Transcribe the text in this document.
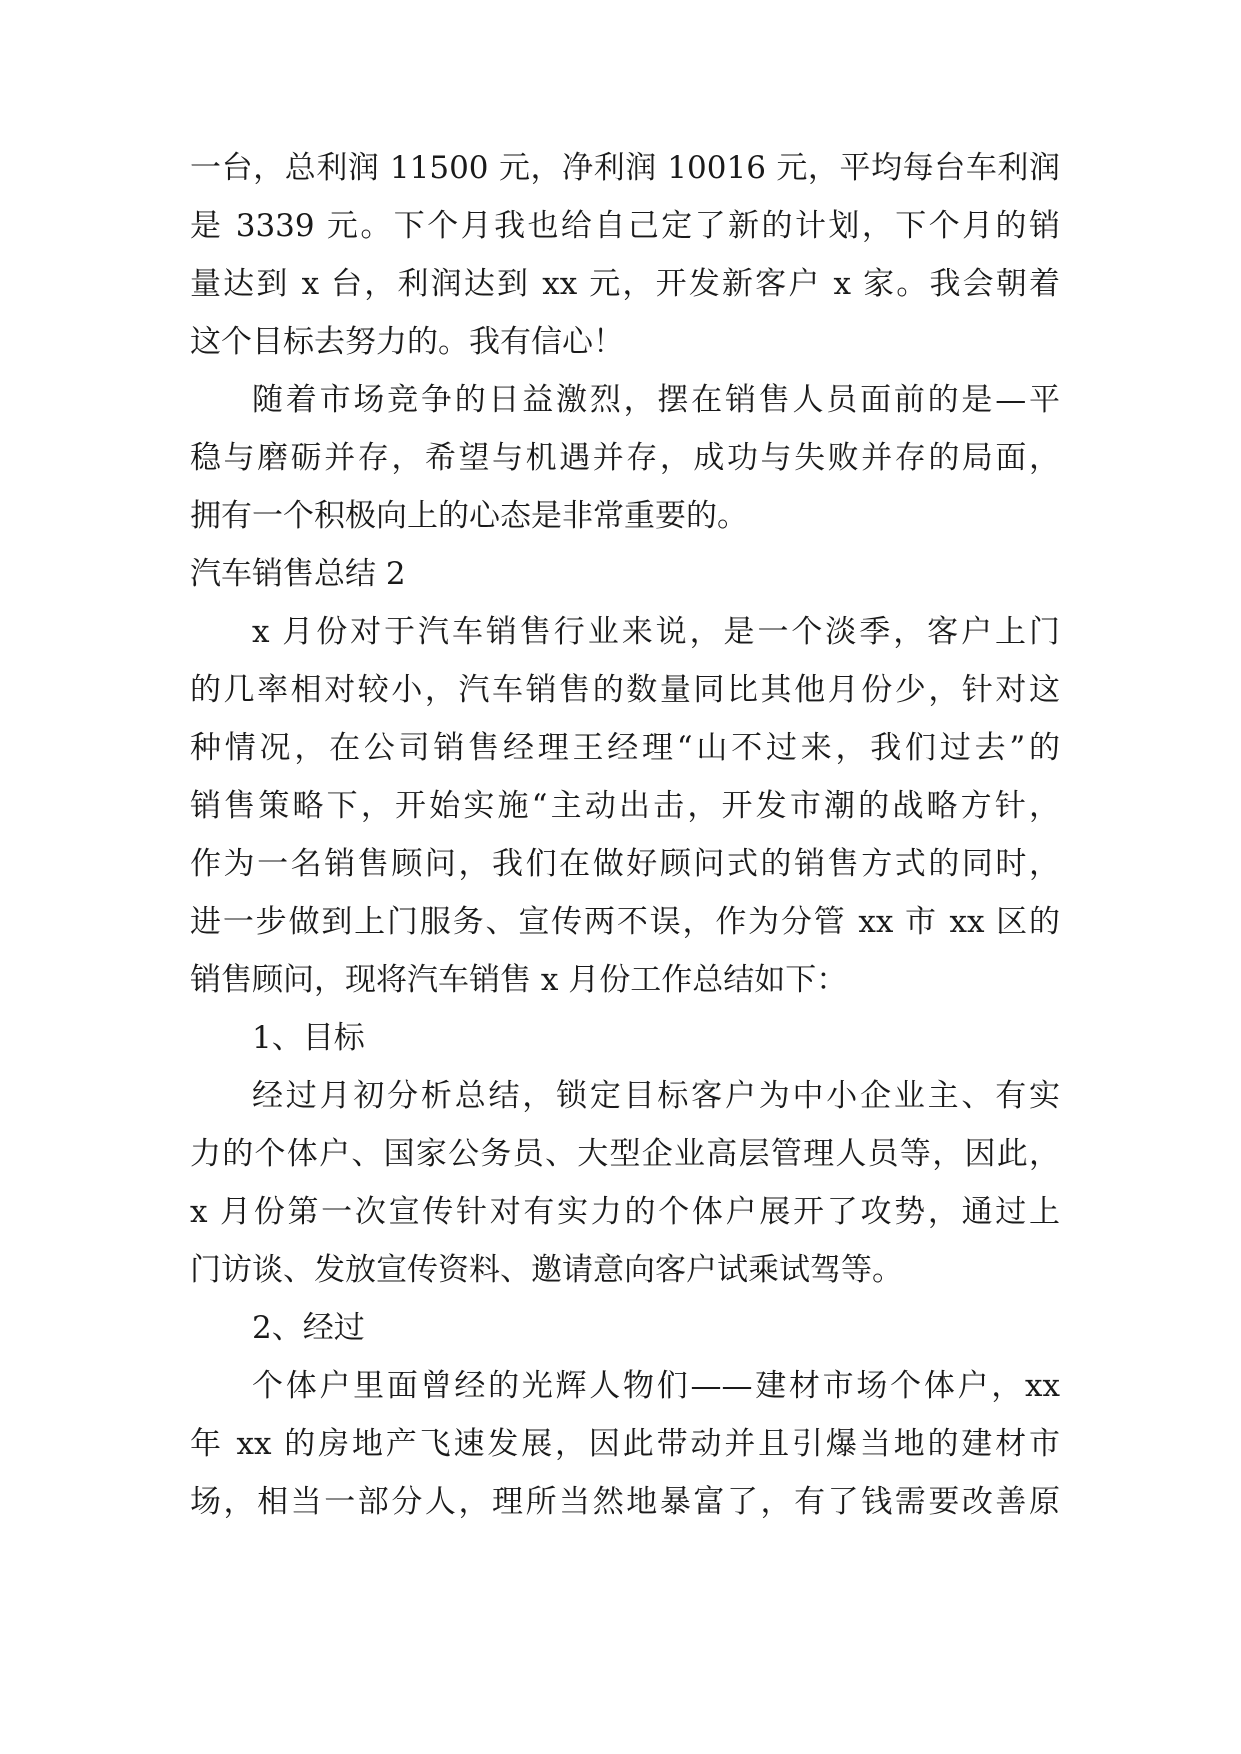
一台，总利润 11500 元，净利润 10016 元，平均每台车利润
是 3339 元。下个月我也给自己定了新的计划，下个月的销
量达到 x 台，利润达到 xx 元，开发新客户 x 家。我会朝着
这个目标去努力的。我有信心！
随着市场竞争的日益激烈，摆在销售人员面前的是—平
稳与磨砺并存，希望与机遇并存，成功与失败并存的局面，
拥有一个积极向上的心态是非常重要的。
汽车销售总结 2
x 月份对于汽车销售行业来说，是一个淡季，客户上门
的几率相对较小，汽车销售的数量同比其他月份少，针对这
种情况，在公司销售经理王经理“山不过来，我们过去”的
销售策略下，开始实施“主动出击，开发市潮的战略方针，
作为一名销售顾问，我们在做好顾问式的销售方式的同时，
进一步做到上门服务、宣传两不误，作为分管 xx 市 xx 区的
销售顾问，现将汽车销售 x 月份工作总结如下：
1、目标
经过月初分析总结，锁定目标客户为中小企业主、有实
力的个体户、国家公务员、大型企业高层管理人员等，因此，
x 月份第一次宣传针对有实力的个体户展开了攻势，通过上
门访谈、发放宣传资料、邀请意向客户试乘试驾等。
2、经过
个体户里面曾经的光辉人物们——建材市场个体户，xx
年 xx 的房地产飞速发展，因此带动并且引爆当地的建材市
场，相当一部分人，理所当然地暴富了，有了钱需要改善原
